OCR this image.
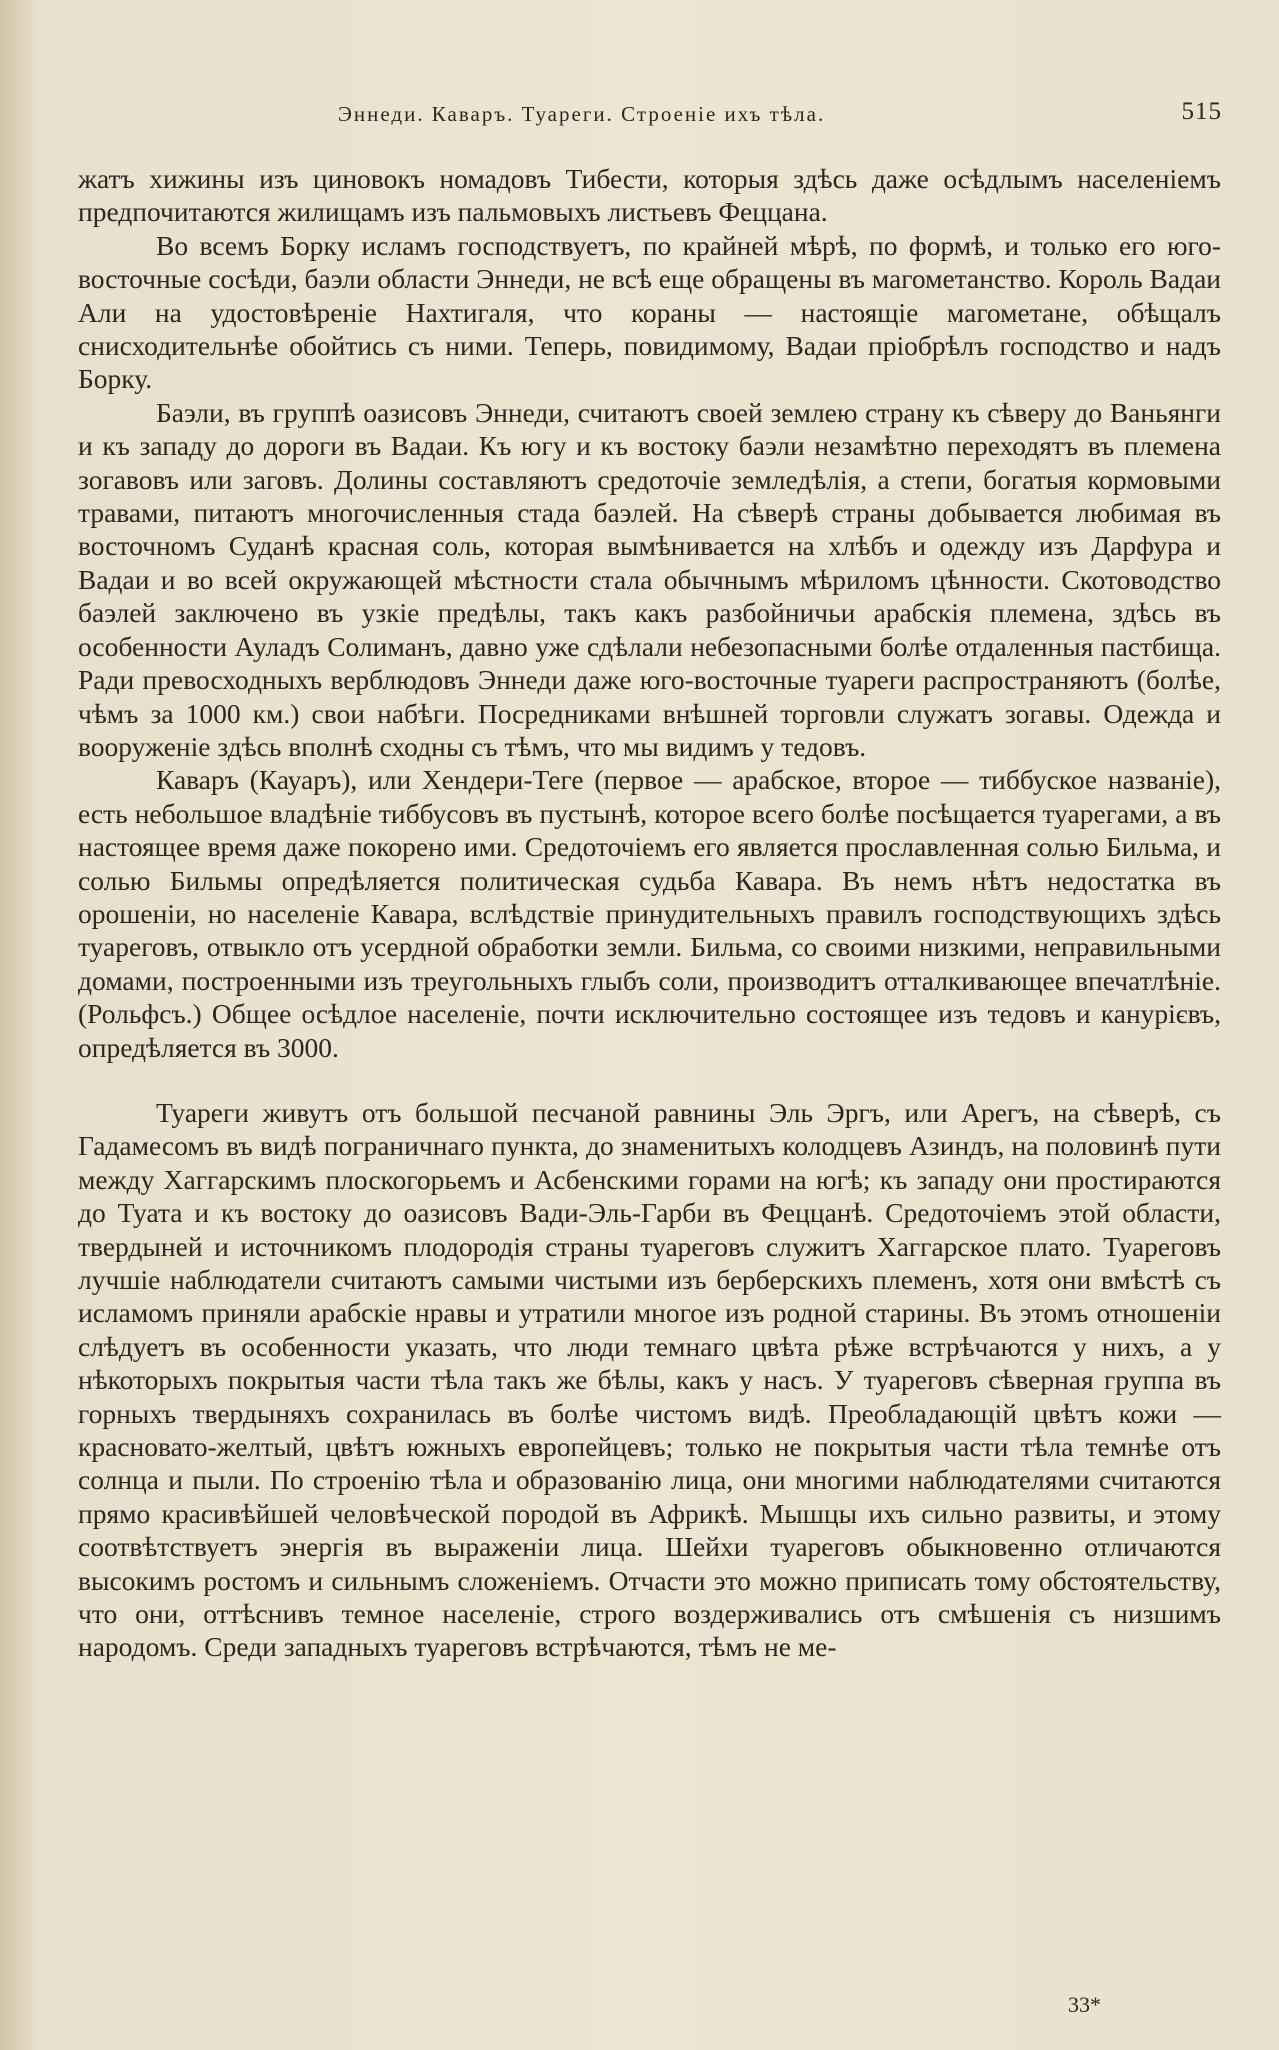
Эннеди. Каваръ. Туареги. Строеніе ихъ тѣла.	515

жатъ хижины изъ циновокъ номадовъ Тибести, которыя здѣсь даже осѣдлымъ населеніемъ предпочитаются жилищамъ изъ пальмовыхъ листьевъ Феццана.

Во всемъ Борку исламъ господствуетъ, по крайней мѣрѣ, по формѣ, и только его юго-восточные сосѣди, баэли области Эннеди, не всѣ еще обращены въ магометанство. Король Вадаи Али на удостовѣреніе Нахтигаля, что кораны — настоящіе магометане, обѣщалъ снисходительнѣе обойтись съ ними. Теперь, повидимому, Вадаи пріобрѣлъ господство и надъ Борку.

Баэли, въ группѣ оазисовъ Эннеди, считаютъ своей землею страну къ сѣверу до Ваньянги и къ западу до дороги въ Вадаи. Къ югу и къ востоку баэли незамѣтно переходятъ въ племена зогавовъ или заговъ. Долины составляютъ средоточіе земледѣлія, а степи, богатыя кормовыми травами, питаютъ многочисленныя стада баэлей. На сѣверѣ страны добывается любимая въ восточномъ Суданѣ красная соль, которая вымѣнивается на хлѣбъ и одежду изъ Дарфура и Вадаи и во всей окружающей мѣстности стала обычнымъ мѣриломъ цѣнности. Скотоводство баэлей заключено въ узкіе предѣлы, такъ какъ разбойничьи арабскія племена, здѣсь въ особенности Ауладъ Солиманъ, давно уже сдѣлали небезопасными болѣе отдаленныя пастбища. Ради превосходныхъ верблюдовъ Эннеди даже юго-восточные туареги распространяютъ (болѣе, чѣмъ за 1000 км.) свои набѣги. Посредниками внѣшней торговли служатъ зогавы. Одежда и вооруженіе здѣсь вполнѣ сходны съ тѣмъ, что мы видимъ у тедовъ.

Каваръ (Кауаръ), или Хендери-Теге (первое — арабское, второе — тиббуское названіе), есть небольшое владѣніе тиббусовъ въ пустынѣ, которое всего болѣе посѣщается туарегами, а въ настоящее время даже покорено ими. Средоточіемъ его является прославленная солью Бильма, и солью Бильмы опредѣляется политическая судьба Кавара. Въ немъ нѣтъ недостатка въ орошеніи, но населеніе Кавара, вслѣдствіе принудительныхъ правилъ господствующихъ здѣсь туареговъ, отвыкло отъ усердной обработки земли. Бильма, со своими низкими, неправильными домами, построенными изъ треугольныхъ глыбъ соли, производитъ отталкивающее впечатлѣніе. (Рольфсъ.) Общее осѣдлое населеніе, почти исключительно состоящее изъ тедовъ и канурієвъ, опредѣляется въ 3000.

Туареги живутъ отъ большой песчаной равнины Эль Эргъ, или Арегъ, на сѣверѣ, съ Гадамесомъ въ видѣ пограничнаго пункта, до знаменитыхъ колодцевъ Азиндъ, на половинѣ пути между Хаггарскимъ плоскогорьемъ и Асбенскими горами на югѣ; къ западу они простираются до Туата и къ востоку до оазисовъ Вади-Эль-Гарби въ Феццанѣ. Средоточіемъ этой области, твердыней и источникомъ плодородія страны туареговъ служитъ Хаггарское плато. Туареговъ лучшіе наблюдатели считаютъ самыми чистыми изъ берберскихъ племенъ, хотя они вмѣстѣ съ исламомъ приняли арабскіе нравы и утратили многое изъ родной старины. Въ этомъ отношеніи слѣдуетъ въ особенности указать, что люди темнаго цвѣта рѣже встрѣчаются у нихъ, а у нѣкоторыхъ покрытыя части тѣла такъ же бѣлы, какъ у насъ. У туареговъ сѣверная группа въ горныхъ твердыняхъ сохранилась въ болѣе чистомъ видѣ. Преобладающій цвѣтъ кожи — красновато-желтый, цвѣтъ южныхъ европейцевъ; только не покрытыя части тѣла темнѣе отъ солнца и пыли. По строенію тѣла и образованію лица, они многими наблюдателями считаются прямо красивѣйшей человѣческой породой въ Африкѣ. Мышцы ихъ сильно развиты, и этому соотвѣтствуетъ энергія въ выраженіи лица. Шейхи туареговъ обыкновенно отличаются высокимъ ростомъ и сильнымъ сложеніемъ. Отчасти это можно приписать тому обстоятельству, что они, оттѣснивъ темное населеніе, строго воздерживались отъ смѣшенія съ низшимъ народомъ. Среди западныхъ туареговъ встрѣчаются, тѣмъ не ме-

33*
